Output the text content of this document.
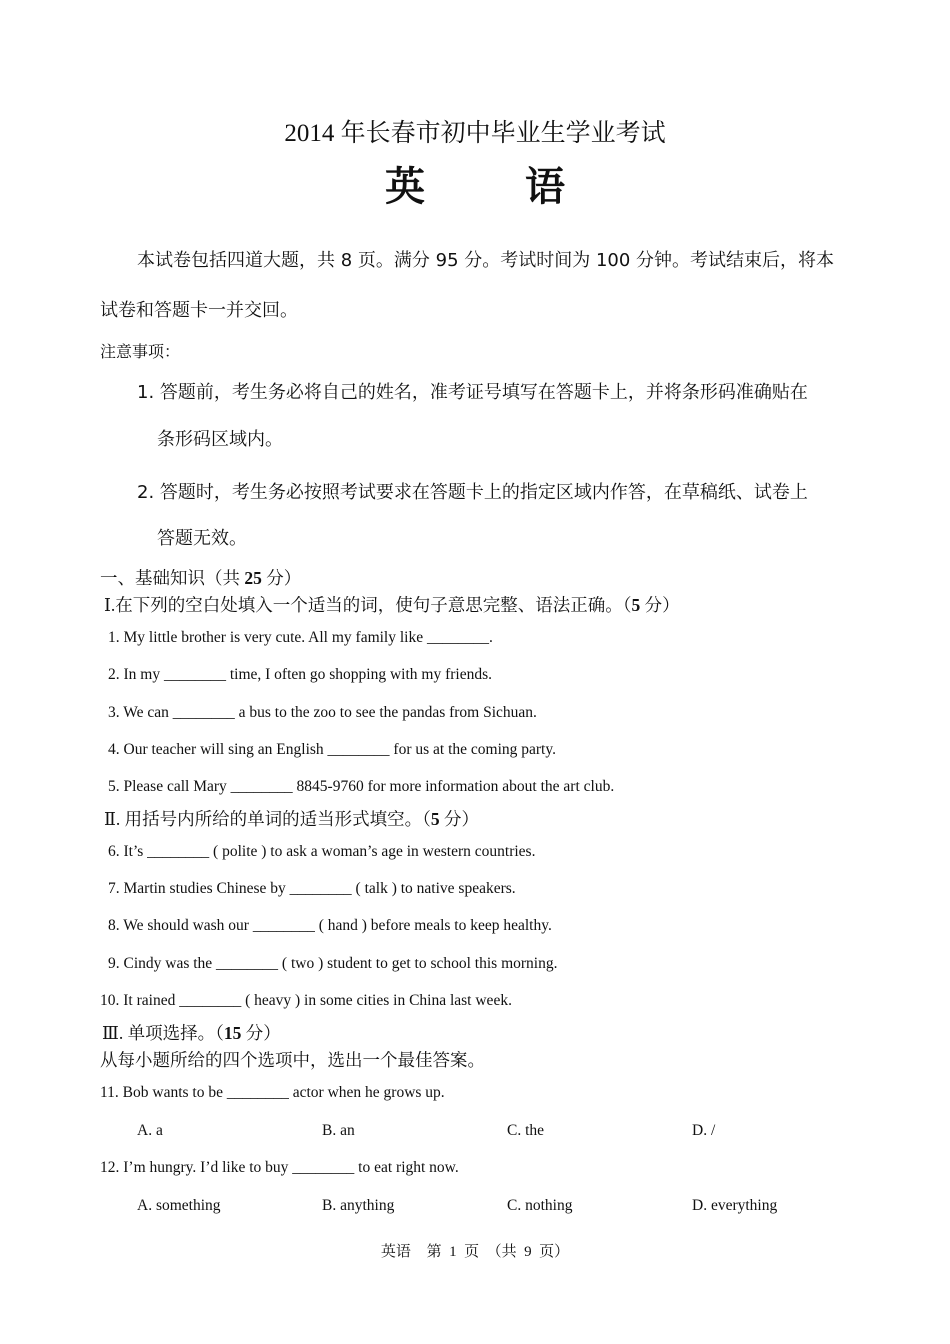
2014 年长春市初中毕业生学业考试
英	语
本试卷包括四道大题，共 8 页。满分 95 分。考试时间为 100 分钟。考试结束后，将本
试卷和答题卡一并交回。
注意事项：
1. 答题前，考生务必将自己的姓名，准考证号填写在答题卡上，并将条形码准确贴在
条形码区域内。
2. 答题时，考生务必按照考试要求在答题卡上的指定区域内作答，在草稿纸、试卷上
答题无效。
一、基础知识（共 25 分）
Ⅰ.在下列的空白处填入一个适当的词，使句子意思完整、语法正确。（5 分）
1. My little brother is very cute. All my family like ________.
2. In my ________ time, I often go shopping with my friends.
3. We can ________ a bus to the zoo to see the pandas from Sichuan.
4. Our teacher will sing an English ________ for us at the coming party.
5. Please call Mary ________ 8845-9760 for more information about the art club.
Ⅱ. 用括号内所给的单词的适当形式填空。（5 分）
6. It’s ________ ( polite ) to ask a woman’s age in western countries.
7. Martin studies Chinese by ________ ( talk ) to native speakers.
8. We should wash our ________ ( hand ) before meals to keep healthy.
9. Cindy was the ________ ( two ) student to get to school this morning.
10. It rained ________ ( heavy ) in some cities in China last week.
Ⅲ. 单项选择。（15 分）
从每小题所给的四个选项中，选出一个最佳答案。
11. Bob wants to be ________ actor when he grows up.
A. a	B. an	C. the	D. /
12. I’m hungry. I’d like to buy ________ to eat right now.
A. something	B. anything	C. nothing	D. everything
英语 第  1  页  （共  9  页）
